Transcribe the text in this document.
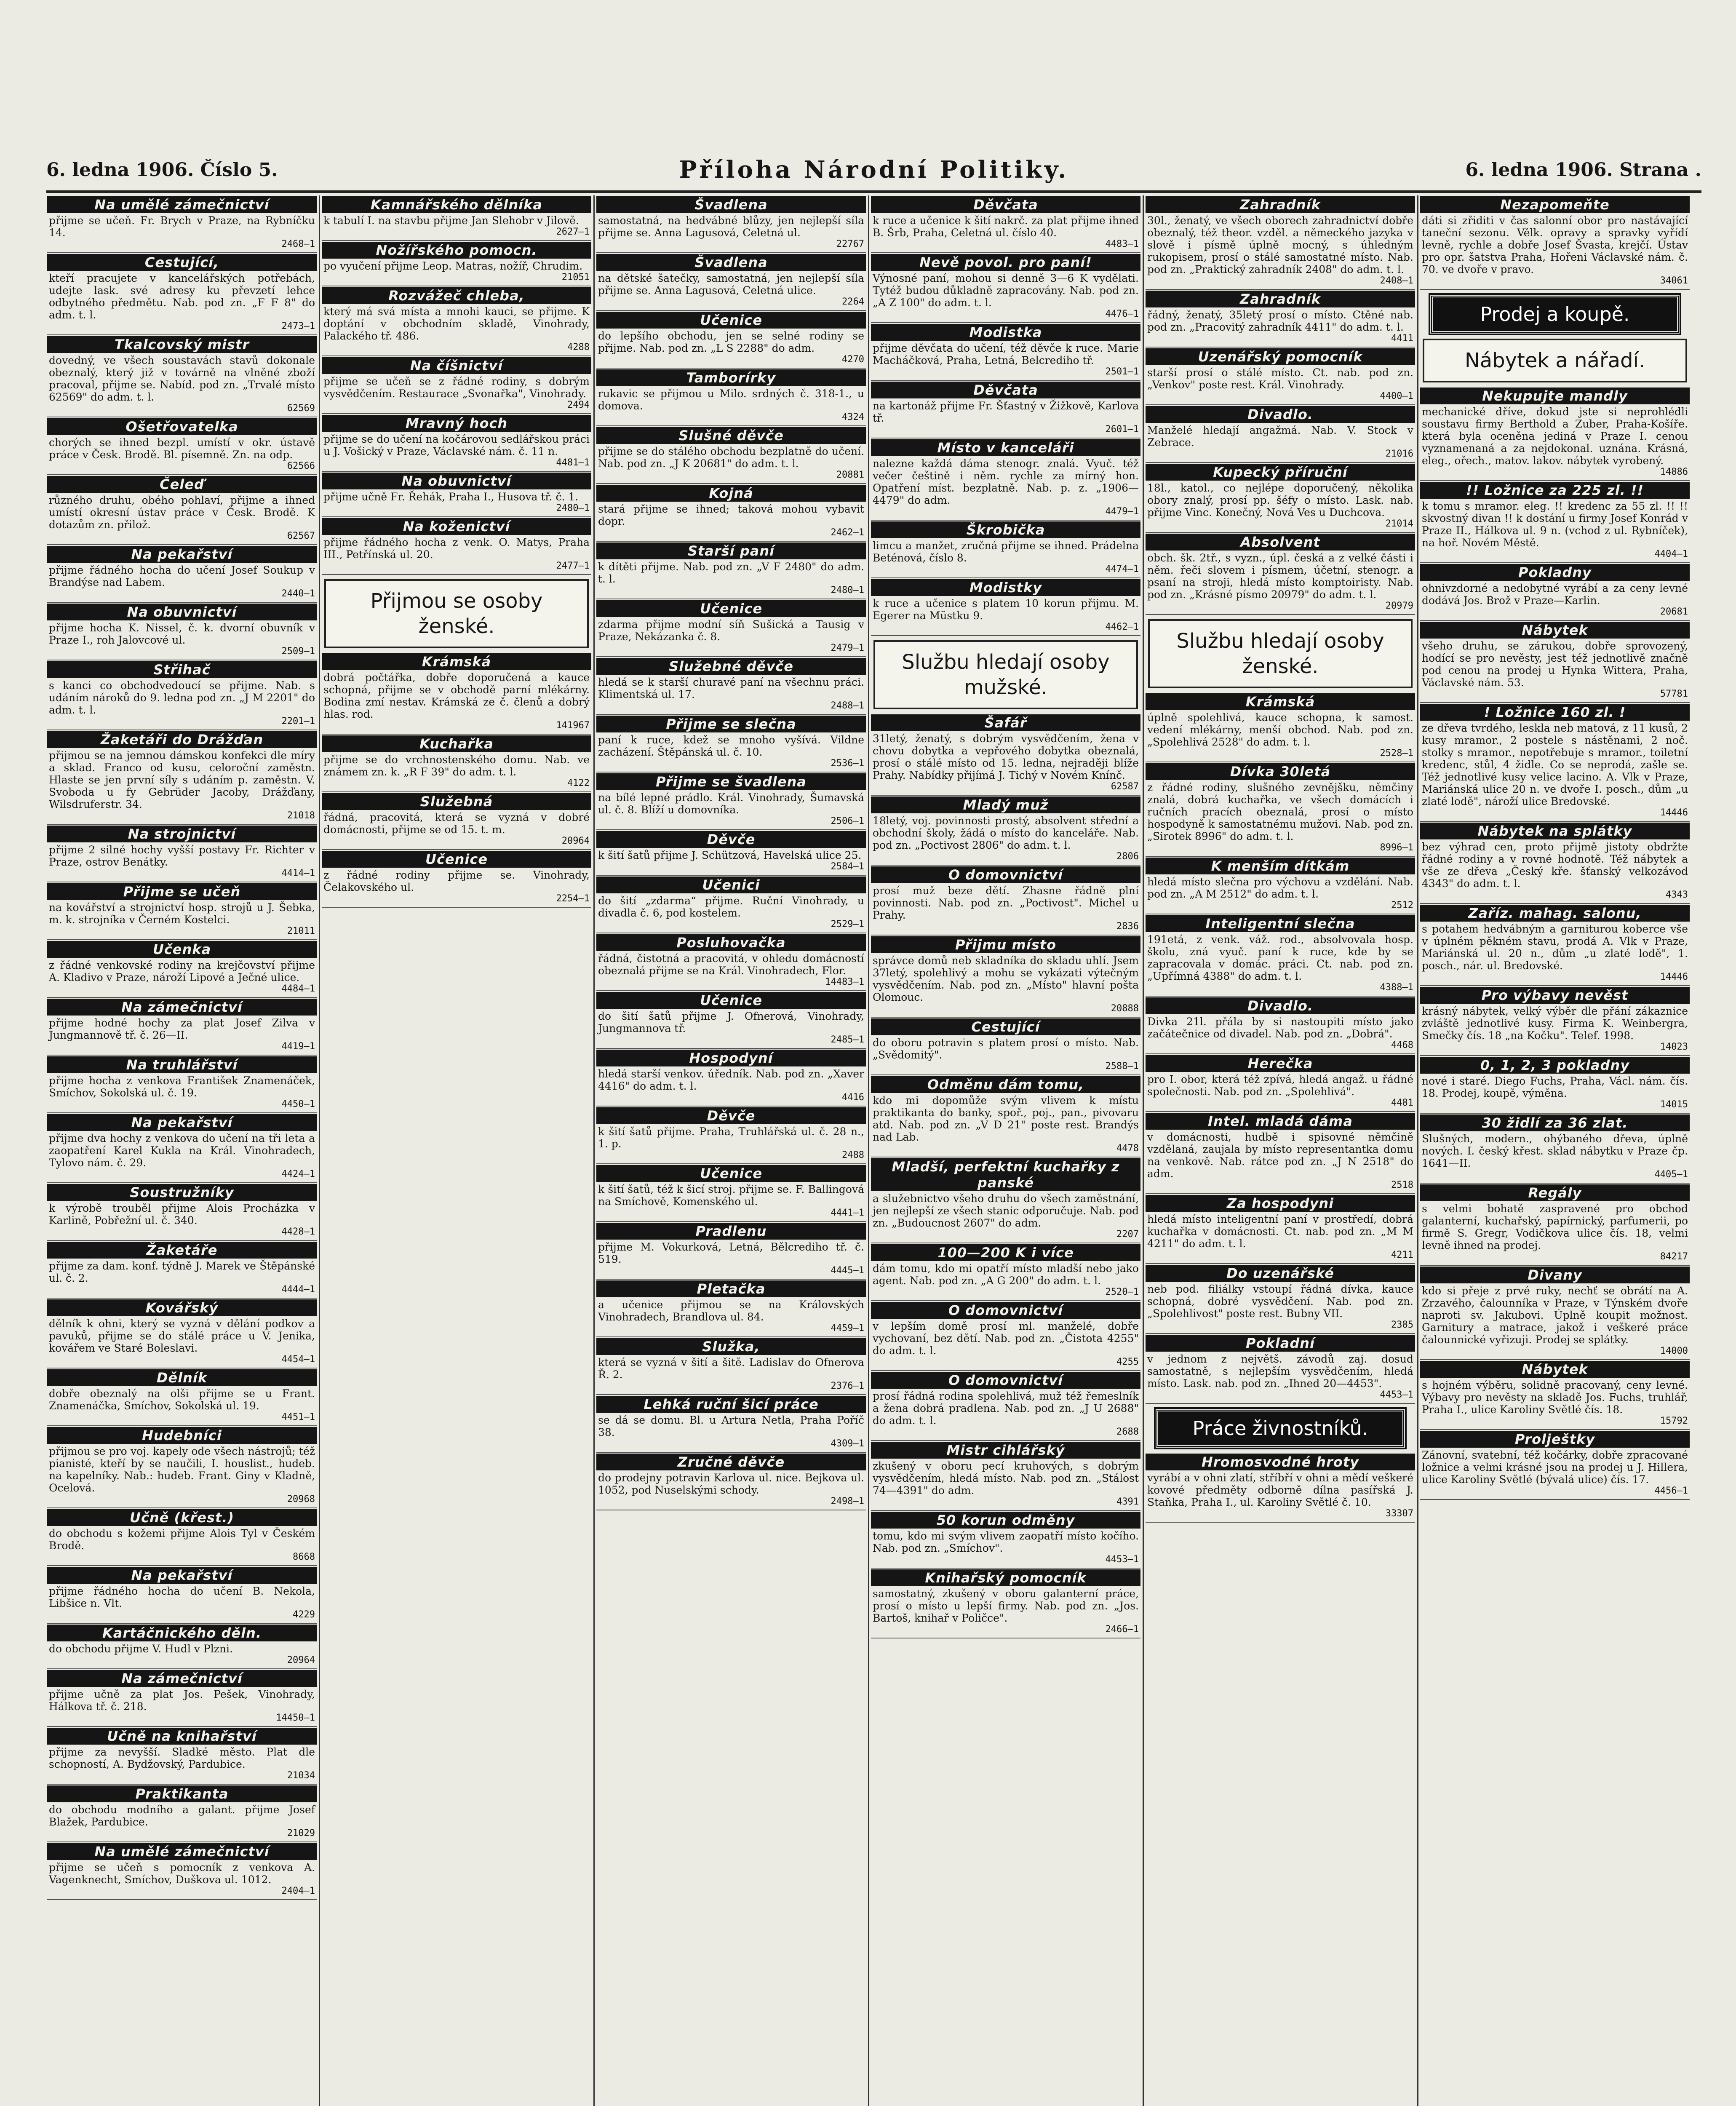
6. ledna 1906. Číslo 5.	Příloha Národní Politiky.	6. ledna 1906. Strana .
Na umělé zámečnictví
přijme se učeň. Fr. Brych v Praze, na Rybníčku 14.
2468—1
Cestující,
kteří pracujete v kancelářských potřebách, udejte lask. své adresy ku převzetí lehce odbytného předmětu. Nab. pod zn. „F F 8" do adm. t. l.
2473—1
Tkalcovský mistr
dovedný, ve všech soustavách stavů dokonale obeznalý, který již v továrně na vlněné zboží pracoval, přijme se. Nabíd. pod zn. „Trvalé místo 62569" do adm. t. l.
62569
Ošetřovatelka
chorých se ihned bezpl. umístí v okr. ústavě práce v Česk. Brodě. Bl. písemně. Zn. na odp.
62566
Čeleď
různého druhu, obého pohlaví, přijme a ihned umístí okresní ústav práce v Česk. Brodě. K dotazům zn. přilož.
62567
Na pekařství
přijme řádného hocha do učení Josef Soukup v Brandýse nad Labem.
2440—1
Na obuvnictví
přijme hocha K. Nissel, č. k. dvorní obuvník v Praze I., roh Jalovcové ul.
2509—1
Střihač
s kanci co obchodvedoucí se přijme. Nab. s udáním nároků do 9. ledna pod zn. „J M 2201" do adm. t. l.
2201—1
Žaketáři do Drážďan
přijmou se na jemnou dámskou konfekci dle míry a sklad. Franco od kusu, celoroční zaměstn. Hlaste se jen první síly s udáním p. zaměstn. V. Svoboda u fy Gebrüder Jacoby, Drážďany, Wilsdruferstr. 34.
21018
Na strojnictví
přijme 2 silné hochy vyšší postavy Fr. Richter v Praze, ostrov Benátky.
4414—1
Přijme se učeň
na kovářství a strojnictví hosp. strojů u J. Šebka, m. k. strojníka v Černém Kostelci.
21011
Učenka
z řádné venkovské rodiny na krejčovství přijme A. Kladivo v Praze, nároží Lipové a Ječné ulice.
4484—1
Na zámečnictví
přijme hodné hochy za plat Josef Zilva v Jungmannově tř. č. 26—II.
4419—1
Na truhlářství
přijme hocha z venkova František Znamenáček, Smíchov, Sokolská ul. č. 19.
4450—1
Na pekařství
přijme dva hochy z venkova do učení na tři leta a zaopatření Karel Kukla na Král. Vinohradech, Tylovo nám. č. 29.
4424—1
Soustružníky
k výrobě trouběl přijme Alois Procházka v Karlině, Pobřežní ul. č. 340.
4428—1
Žaketáře
přijme za dam. konf. týdně J. Marek ve Štěpánské ul. č. 2.
4444—1
Kovářský
dělník k ohni, který se vyzná v dělání podkov a pavuků, přijme se do stálé práce u V. Jenika, kovářem ve Staré Boleslavi.
4454—1
Dělník
dobře obeznalý na olši přijme se u Frant. Znamenáčka, Smíchov, Sokolská ul. 19.
4451—1
Hudebníci
přijmou se pro voj. kapely ode všech nástrojů; též pianisté, kteří by se naučili, I. houslist., hudeb. na kapelníky. Nab.: hudeb. Frant. Giny v Kladně, Ocelová.
20968
Učně (křest.)
do obchodu s kožemi přijme Alois Tyl v Českém Brodě.
8668
Na pekařství
přijme řádného hocha do učení B. Nekola, Libšice n. Vlt.
4229
Kartáčnického děln.
do obchodu přijme V. Hudl v Plzni.
20964
Na zámečnictví
přijme učně za plat Jos. Pešek, Vinohrady, Hálkova tř. č. 218.
14450—1
Učně na knihařství
přijme za nevyšší. Sladké město. Plat dle schopností, A. Bydžovský, Pardubice.
21034
Praktikanta
do obchodu modního a galant. přijme Josef Blažek, Pardubice.
21029
Na umělé zámečnictví
přijme se učeň s pomocník z venkova A. Vagenknecht, Smíchov, Duškova ul. 1012.
2404—1
Kamnářského dělníka
k tabulí I. na stavbu přijme Jan Slehobr v Jilově.
2627—1
Nožířského pomocn.
po vyučení přijme Leop. Matras, nožíř, Chrudim.
21051
Rozvážeč chleba,
který má svá místa a mnohi kauci, se přijme. K doptání v obchodním skladě, Vinohrady, Palackého tř. 486.
4288
Na číšnictví
přijme se učeň se z řádné rodiny, s dobrým vysvědčením. Restaurace „Svonařka", Vinohrady.
2494
Mravný hoch
přijme se do učení na kočárovou sedlářskou práci u J. Vošický v Praze, Václavské nám. č. 11 n.
4481—1
Na obuvnictví
přijme učně Fr. Řehák, Praha I., Husova tř. č. 1.
2480—1
Na koženictví
přijme řádného hocha z venk. O. Matys, Praha III., Petřínská ul. 20.
2477—1
Přijmou se osoby ženské.
Krámská
dobrá počtářka, dobře doporučená a kauce schopná, přijme se v obchodě parní mlékárny. Bodina zmí nestav. Krámská ze č. členů a dobrý hlas. rod.
141967
Kuchařka
přijme se do vrchnostenského domu. Nab. ve známem zn. k. „R F 39" do adm. t. l.
4122
Služebná
řádná, pracovitá, která se vyzná v dobré domácnosti, přijme se od 15. t. m.
20964
Učenice
z řádné rodiny přijme se. Vinohrady, Čelakovského ul.
2254—1
Švadlena
samostatná, na hedvábné blůzy, jen nejlepší síla přijme se. Anna Lagusová, Celetná ul.
22767
Švadlena
na dětské šatečky, samostatná, jen nejlepší síla přijme se. Anna Lagusová, Celetná ulice.
2264
Učenice
do lepšího obchodu, jen se selné rodiny se přijme. Nab. pod zn. „L S 2288" do adm.
4270
Tamborírky
rukavic se přijmou u Milo. srdných č. 318-1., u domova.
4324
Slušné děvče
přijme se do stálého obchodu bezplatně do učení. Nab. pod zn. „J K 20681" do adm. t. l.
20881
Kojná
stará přijme se ihned; taková mohou vybavit dopr.
2462—1
Starší paní
k dítěti přijme. Nab. pod zn. „V F 2480" do adm. t. l.
2480—1
Učenice
zdarma přijme modní síň Sušická a Tausig v Praze, Nekázanka č. 8.
2479—1
Služebné děvče
hledá se k starší churavé paní na všechnu práci. Klimentská ul. 17.
2488—1
Přijme se slečna
paní k ruce, kdež se mnoho vyšívá. Vildne zacházení. Štěpánská ul. č. 10.
2536—1
Přijme se švadlena
na bílé lepné prádlo. Král. Vinohrady, Šumavská ul. č. 8. Blíží u domovníka.
2506—1
Děvče
k šití šatů přijme J. Schützová, Havelská ulice 25.
2584—1
Učenici
do šití „zdarma“ přijme. Ruční Vinohrady, u divadla č. 6, pod kostelem.
2529—1
Posluhovačka
řádná, čistotná a pracovitá, v ohledu domácností obeznalá přijme se na Král. Vinohradech, Flor.
14483—1
Učenice
do šití šatů přijme J. Ofnerová, Vinohrady, Jungmannova tř.
2485—1
Hospodyní
hledá starší venkov. úředník. Nab. pod zn. „Xaver 4416" do adm. t. l.
4416
Děvče
k šití šatů přijme. Praha, Truhlářská ul. č. 28 n., 1. p.
2488
Učenice
k šití šatů, též k šicí stroj. přijme se. F. Ballingová na Smíchově, Komenského ul.
4441—1
Pradlenu
přijme M. Vokurková, Letná, Bělcrediho tř. č. 519.
4445—1
Pletačka
a učenice přijmou se na Královských Vinohradech, Brandlova ul. 84.
4459—1
Služka,
která se vyzná v šití a šitě. Ladislav do Ofnerova Ř. 2.
2376—1
Lehká ruční šicí práce
se dá se domu. Bl. u Artura Netla, Praha Poříč 38.
4309—1
Zručné děvče
do prodejny potravin Karlova ul. nice. Bejkova ul. 1052, pod Nuselskými schody.
2498—1
Děvčata
k ruce a učenice k šití nakrč. za plat přijme ihned B. Šrb, Praha, Celetná ul. číslo 40.
4483—1
Nevě povol. pro paní!
Výnosné paní, mohou si denně 3—6 K vydělati. Tytéž budou důkladně zapracovány. Nab. pod zn. „A Z 100" do adm. t. l.
4476—1
Modistka
přijme děvčata do učení, též děvče k ruce. Marie Macháčková, Praha, Letná, Belcrediho tř.
2501—1
Děvčata
na kartonáž přijme Fr. Šťastný v Žižkově, Karlova tř.
2601—1
Místo v kanceláři
nalezne každá dáma stenogr. znalá. Vyuč. též večer češtině i něm. rychle za mírný hon. Opatření míst. bezplatně. Nab. p. z. „1906—4479" do adm.
4479—1
Škrobička
limcu a manžet, zručná přijme se ihned. Prádelna Beténová, číslo 8.
4474—1
Modistky
k ruce a učenice s platem 10 korun přijmu. M. Egerer na Müstku 9.
4462—1
Službu hledají osoby mužské.
Šafář
31letý, ženatý, s dobrým vysvědčením, žena v chovu dobytka a vepřového dobytka obeznalá, prosí o stálé místo od 15. ledna, nejraději blíže Prahy. Nabídky přijímá J. Tichý v Novém Knínč.
62587
Mladý muž
18letý, voj. povinnosti prostý, absolvent střední a obchodní školy, žádá o místo do kanceláře. Nab. pod zn. „Poctivost 2806" do adm. t. l.
2806
O domovnictví
prosí muž beze dětí. Zhasne řádně plní povinnosti. Nab. pod zn. „Poctivost". Michel u Prahy.
2836
Přijmu místo
správce domů neb skladníka do skladu uhlí. Jsem 37letý, spolehlivý a mohu se vykázati výtečným vysvědčením. Nab. pod zn. „Místo" hlavní pošta Olomouc.
20888
Cestující
do oboru potravin s platem prosí o místo. Nab. „Svědomitý".
2588—1
Odměnu dám tomu,
kdo mi dopomůže svým vlivem k místu praktikanta do banky, spoř., poj., pan., pivovaru atd. Nab. pod zn. „V D 21" poste rest. Brandýs nad Lab.
4478
Mladší, perfektní kuchařky z panské
a služebnictvo všeho druhu do všech zaměstnání, jen nejlepší ze všech stanic odporučuje. Nab. pod zn. „Budoucnost 2607" do adm.
2207
100—200 K i více
dám tomu, kdo mi opatří místo mladší nebo jako agent. Nab. pod zn. „A G 200" do adm. t. l.
2520—1
O domovnictví
v lepším domě prosí ml. manželé, dobře vychovaní, bez dětí. Nab. pod zn. „Čistota 4255" do adm. t. l.
4255
O domovnictví
prosí řádná rodina spolehlivá, muž též řemeslník a žena dobrá pradlena. Nab. pod zn. „J U 2688" do adm. t. l.
2688
Mistr cihlářský
zkušený v oboru pecí kruhových, s dobrým vysvědčením, hledá místo. Nab. pod zn. „Stálost 74—4391" do adm.
4391
50 korun odměny
tomu, kdo mi svým vlivem zaopatří místo kočího. Nab. pod zn. „Smíchov".
4453—1
Knihařský pomocník
samostatný, zkušený v oboru galanterní práce, prosí o místo u lepší firmy. Nab. pod zn. „Jos. Bartoš, knihař v Poličce".
2466—1
Zahradník
30l., ženatý, ve všech oborech zahradnictví dobře obeznalý, též theor. vzděl. a německého jazyka v slově i písmě úplně mocný, s úhledným rukopisem, prosí o stálé samostatné místo. Nab. pod zn. „Praktický zahradník 2408" do adm. t. l.
2408—1
Zahradník
řádný, ženatý, 35letý prosí o místo. Ctěné nab. pod zn. „Pracovitý zahradník 4411" do adm. t. l.
4411
Uzenářský pomocník
starší prosí o stálé místo. Ct. nab. pod zn. „Venkov" poste rest. Král. Vinohrady.
4400—1
Divadlo.
Manželé hledají angažmá. Nab. V. Stock v Zebrace.
21016
Kupecký příruční
18l., katol., co nejlépe doporučený, několika obory znalý, prosí pp. šéfy o místo. Lask. nab. přijme Vinc. Konečný, Nová Ves u Duchcova.
21014
Absolvent
obch. šk. 2tř., s vyzn., úpl. česká a z velké části i něm. řeči slovem i písmem, účetní, stenogr. a psaní na stroji, hledá místo komptoiristy. Nab. pod zn. „Krásné písmo 20979" do adm. t. l.
20979
Službu hledají osoby ženské.
Krámská
úplně spolehlivá, kauce schopna, k samost. vedení mlékárny, menší obchod. Nab. pod zn. „Spolehlivá 2528" do adm. t. l.
2528—1
Dívka 30letá
z řádné rodiny, slušného zevnějšku, němčiny znalá, dobrá kuchařka, ve všech domácích i ručních pracích obeznalá, prosí o místo hospodyně k samostatnému mužovi. Nab. pod zn. „Sirotek 8996" do adm. t. l.
8996—1
K menším dítkám
hledá místo slečna pro výchovu a vzdělání. Nab. pod zn. „A M 2512" do adm. t. l.
2512
Inteligentní slečna
191etá, z venk. váž. rod., absolvovala hosp. školu, zná vyuč. paní k ruce, kde by se zapracovala v domác. práci. Ct. nab. pod zn. „Upřímná 4388" do adm. t. l.
4388—1
Divadlo.
Divka 21l. přála by si nastoupiti místo jako začátečnice od divadel. Nab. pod zn. „Dobrá".
4468
Herečka
pro I. obor, která též zpívá, hledá angaž. u řádné společnosti. Nab. pod zn. „Spolehlivá".
4481
Intel. mladá dáma
v domácnosti, hudbě i spisovné němčině vzdělaná, zaujala by místo representantka domu na venkově. Nab. rátce pod zn. „J N 2518" do adm.
2518
Za hospodyni
hledá místo inteligentní paní v prostředí, dobrá kuchařka v domácnosti. Ct. nab. pod zn. „M M 4211" do adm. t. l.
4211
Do uzenářské
neb pod. filiálky vstoupí řádná dívka, kauce schopná, dobré vysvědčení. Nab. pod zn. „Spolehlivost" poste rest. Bubny VII.
2385
Pokladní
v jednom z největš. závodů zaj. dosud samostatně, s nejlepším vysvědčením, hledá místo. Lask. nab. pod zn. „Ihned 20—4453".
4453—1
Práce živnostníků.
Hromosvodné hroty
vyrábí a v ohni zlatí, stříbří v ohni a mědí veškeré kovové předměty odborně dílna pasířská J. Staňka, Praha I., ul. Karoliny Světlé č. 10.
33307
Nezapomeňte
dáti si zřiditi v čas salonní obor pro nastávající taneční sezonu. Vělk. opravy a spravky vyřídí levně, rychle a dobře Josef Švasta, krejčí. Ústav pro opr. šatstva Praha, Hořeni Václavské nám. č. 70. ve dvoře v pravo.
34061
Prodej a koupě.
Nábytek a nářadí.
Nekupujte mandly
mechanické dříve, dokud jste si neprohlédli soustavu firmy Berthold a Zuber, Praha-Košíře. která byla oceněna jediná v Praze I. cenou vyznamenaná a za nejdokonal. uznána. Krásná, eleg., ořech., matov. lakov. nábytek vyrobený.
14886
!! Ložnice za 225 zl. !!
k tomu s mramor. eleg. !! kredenc za 55 zl. !! !! skvostný divan !! k dostání u firmy Josef Konrád v Praze II., Hálkova ul. 9 n. (vchod z ul. Rybníček), na hoř. Novém Městě.
4404—1
Pokladny
ohnivzdorné a nedobytné vyrábí a za ceny levné dodává Jos. Brož v Praze—Karlin.
20681
Nábytek
všeho druhu, se zárukou, dobře sprovozený, hodící se pro nevěsty, jest též jednotlivě značně pod cenou na prodej u Hynka Wittera, Praha, Václavské nám. 53.
57781
! Ložnice 160 zl. !
ze dřeva tvrdého, leskla neb matová, z 11 kusů, 2 kusy mramor., 2 postele s nástěnami, 2 noč. stolky s mramor., nepotřebuje s mramor., toiletní kredenc, stůl, 4 židle. Co se neprodá, zašle se. Též jednotlivé kusy velice lacino. A. Vlk v Praze, Mariánská ulice 20 n. ve dvoře I. posch., dům „u zlaté lodě", nároží ulice Bredovské.
14446
Nábytek na splátky
bez výhrad cen, proto přijmě jistoty obdržte řádné rodiny a v rovné hodnotě. Též nábytek a vše ze dřeva „Český kře. šťanský velkozávod 4343" do adm. t. l.
4343
Zaříz. mahag. salonu,
s potahem hedvábným a garniturou koberce vše v úplném pěkném stavu, prodá A. Vlk v Praze, Mariánská ul. 20 n., dům „u zlaté lodě", 1. posch., nár. ul. Bredovské.
14446
Pro výbavy nevěst
krásný nábytek, velký výběr dle přání zákaznice zvláště jednotlivé kusy. Firma K. Weinbergra, Smečky čís. 18 „na Kočku". Telef. 1998.
14023
0, 1, 2, 3 pokladny
nové i staré. Diego Fuchs, Praha, Václ. nám. čís. 18. Prodej, koupě, výměna.
14015
30 židlí za 36 zlat.
Slušných, modern., ohýbaného dřeva, úplně nových. I. český křest. sklad nábytku v Praze čp. 1641—II.
4405—1
Regály
s velmi bohatě zaspravené pro obchod galanterní, kuchařský, papírnický, parfumerii, po firmě S. Gregr, Vodičkova ulice čís. 18, velmi levně ihned na prodej.
84217
Divany
kdo si přeje z prvé ruky, nechť se obrátí na A. Zrzavého, čalounníka v Praze, v Týnském dvoře naproti sv. Jakubovi. Úplně koupit možnost. Garnitury a matrace, jakož i veškeré práce čalounnické vyřizuji. Prodej se splátky.
14000
Nábytek
s hojném výběru, solidně pracovaný, ceny levné. Výbavy pro nevěsty na skladě Jos. Fuchs, truhlář, Praha I., ulice Karoliny Světlé čís. 18.
15792
Prolještky
Zánovní, svatební, též kočárky, dobře zpracované ložnice a velmi krásné jsou na prodej u J. Hillera, ulice Karoliny Světlé (bývalá ulice) čís. 17.
4456—1
